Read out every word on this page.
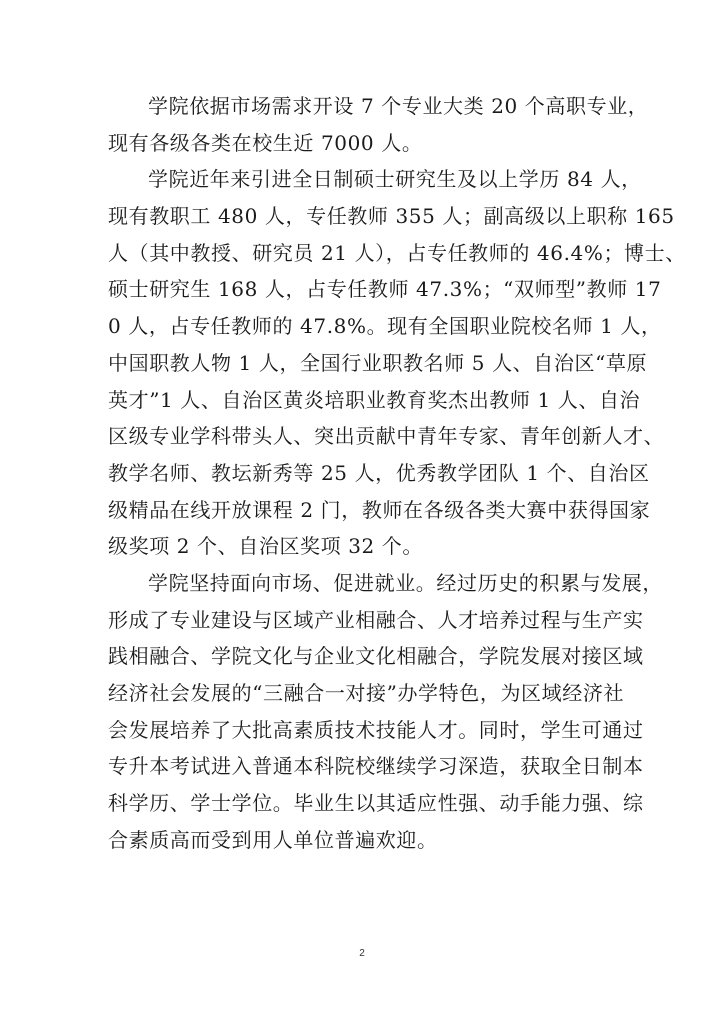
学院依据市场需求开设 7 个专业大类 20 个高职专业，
现有各级各类在校生近 7000 人。
学院近年来引进全日制硕士研究生及以上学历 84 人，
现有教职工 480 人，专任教师 355 人；副高级以上职称 165
人（其中教授、研究员 21 人），占专任教师的 46.4%；博士、
硕士研究生 168 人，占专任教师 47.3%；“双师型”教师 17
0 人，占专任教师的 47.8%。现有全国职业院校名师 1 人，
中国职教人物 1 人，全国行业职教名师 5 人、自治区“草原
英才”1 人、自治区黄炎培职业教育奖杰出教师 1 人、自治
区级专业学科带头人、突出贡献中青年专家、青年创新人才、
教学名师、教坛新秀等 25 人，优秀教学团队 1 个、自治区
级精品在线开放课程 2 门，教师在各级各类大赛中获得国家
级奖项 2 个、自治区奖项 32 个。
学院坚持面向市场、促进就业。经过历史的积累与发展，
形成了专业建设与区域产业相融合、人才培养过程与生产实
践相融合、学院文化与企业文化相融合，学院发展对接区域
经济社会发展的“三融合一对接”办学特色，为区域经济社
会发展培养了大批高素质技术技能人才。同时，学生可通过
专升本考试进入普通本科院校继续学习深造，获取全日制本
科学历、学士学位。毕业生以其适应性强、动手能力强、综
合素质高而受到用人单位普遍欢迎。
2
